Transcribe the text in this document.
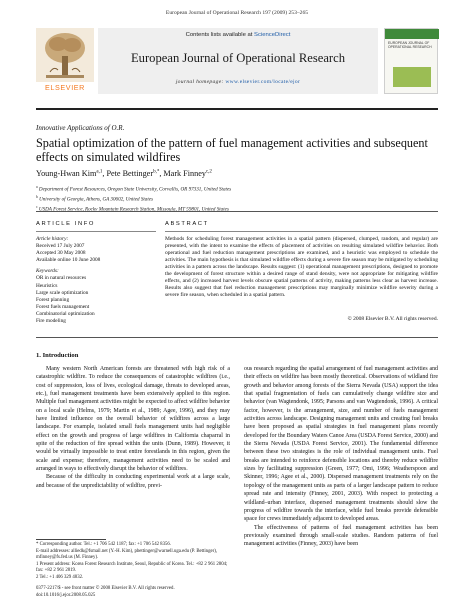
European Journal of Operational Research 197 (2009) 253–265
ELSEVIER
Contents lists available at ScienceDirect
European Journal of Operational Research
journal homepage: www.elsevier.com/locate/ejor
EUROPEAN JOURNAL OF OPERATIONAL RESEARCH
Innovative Applications of O.R.
Spatial optimization of the pattern of fuel management activities and subsequent effects on simulated wildfires
Young-Hwan Kim$^{a,1}$, Pete Bettinger$^{b,*}$, Mark Finney$^{c,2}$
$^a$ Department of Forest Resources, Oregon State University, Corvallis, OR 97331, United States
$^b$ University of Georgia, Athens, GA 30602, United States
$^c$ USDA Forest Service, Rocky Mountain Research Station, Missoula, MT 59801, United States
ARTICLE INFO	ABSTRACT
Article history:
Received 17 July 2007
Accepted 30 May 2008
Available online 10 June 2008
Keywords:
OR in natural resources
Heuristics
Large scale optimization
Forest planning
Forest fuels management
Combinatorial optimization
Fire modeling
Methods for scheduling forest management activities in a spatial pattern (dispersed, clumped, random, and regular) are presented, with the intent to examine the effects of placement of activities on resulting simulated wildfire behavior. Both operational and fuel reduction management prescriptions are examined, and a heuristic was employed to schedule the activities. The main hypothesis is that simulated wildfire effects during a severe fire season may be mitigated by scheduling activities in a pattern across the landscape. Results suggest: (1) operational management prescriptions, designed to promote the development of forest structure within a desired range of stand density, were not appropriate for mitigating wildfire effects, and (2) increased harvest levels obscure spatial patterns of activity, making patterns less clear as harvest increase. Results also suggest that fuel reduction management prescriptions may marginally minimize wildfire severity during a severe fire season, when scheduled in a spatial pattern.
© 2008 Elsevier B.V. All rights reserved.
1. Introduction

Many western North American forests are threatened with high risk of a catastrophic wildfire. To reduce the consequences of catastrophic wildfires (i.e., cost of suppression, loss of lives, ecological damage, threats to developed areas, etc.), fuel management treatments have been extensively applied to this region. Multiple fuel management activities might be expected to affect wildfire behavior on a local scale (Helms, 1979; Martin et al., 1989; Agee, 1996), and they may have limited influence on the overall behavior of wildfires across a large landscape. For example, isolated small fuels management units had negligible effect on the growth and progress of large wildfires in California chaparral in spite of the reduction of fire spread within the units (Dunn, 1989). However, it would be virtually impossible to treat entire forestlands in this region, given the scale and expense; therefore, management activities need to be scaled and arranged in ways to effectively disrupt the behavior of wildfires.

Because of the difficulty in conducting experimental work at a large scale, and because of the unpredictability of wildfire, previ-

ous research regarding the spatial arrangement of fuel management activities and their effects on wildfire has been mostly theoretical. Observations of wildland fire growth and behavior among forests of the Sierra Nevada (USA) support the idea that spatial fragmentation of fuels can cumulatively change wildfire size and behavior (van Wagtendonk, 1995; Parsons and van Wagtendonk, 1996). A critical factor, however, is the arrangement, size, and number of fuels management activities across landscape. Designing management units and creating fuel breaks have been proposed as spatial strategies in fuel management plans recently developed for the Boundary Waters Canoe Area (USDA Forest Service, 2000) and the Sierra Nevada (USDA Forest Service, 2001). The fundamental difference between these two strategies is the role of individual management units. Fuel breaks are intended to reinforce defensible locations and thereby reduce wildfire sizes by facilitating suppression (Green, 1977; Omi, 1996; Weatherspoon and Skinner, 1996; Agee et al., 2000). Dispersed management treatments rely on the topology of the management units as parts of a larger landscape pattern to reduce spread rate and intensity (Finney, 2001, 2003). With respect to protecting a wildland–urban interface, dispersed management treatments should slow the progress of wildfire towards the interface, while fuel breaks provide defensible space for crews immediately adjacent to developed areas.

The effectiveness of patterns of fuel management activities has been previously examined through small-scale studies. Random patterns of fuel management activities (Finney, 2003) have been

* Corresponding author. Tel.: +1 706 542 1187; fax: +1 706 542 8356.
E-mail addresses: alliedk@fsmail.net (Y.-H. Kim), pbettinger@warnell.uga.edu (P. Bettinger), mfinney@fs.fed.us (M. Finney).
1 Present address: Korea Forest Research Institute, Seoul, Republic of Korea. Tel.: +82 2 961 2804; fax: +82 2 961 2819.
2 Tel.: +1 406 329 4832.
0377-2217/$ - see front matter © 2008 Elsevier B.V. All rights reserved.
doi:10.1016/j.ejor.2008.05.025
